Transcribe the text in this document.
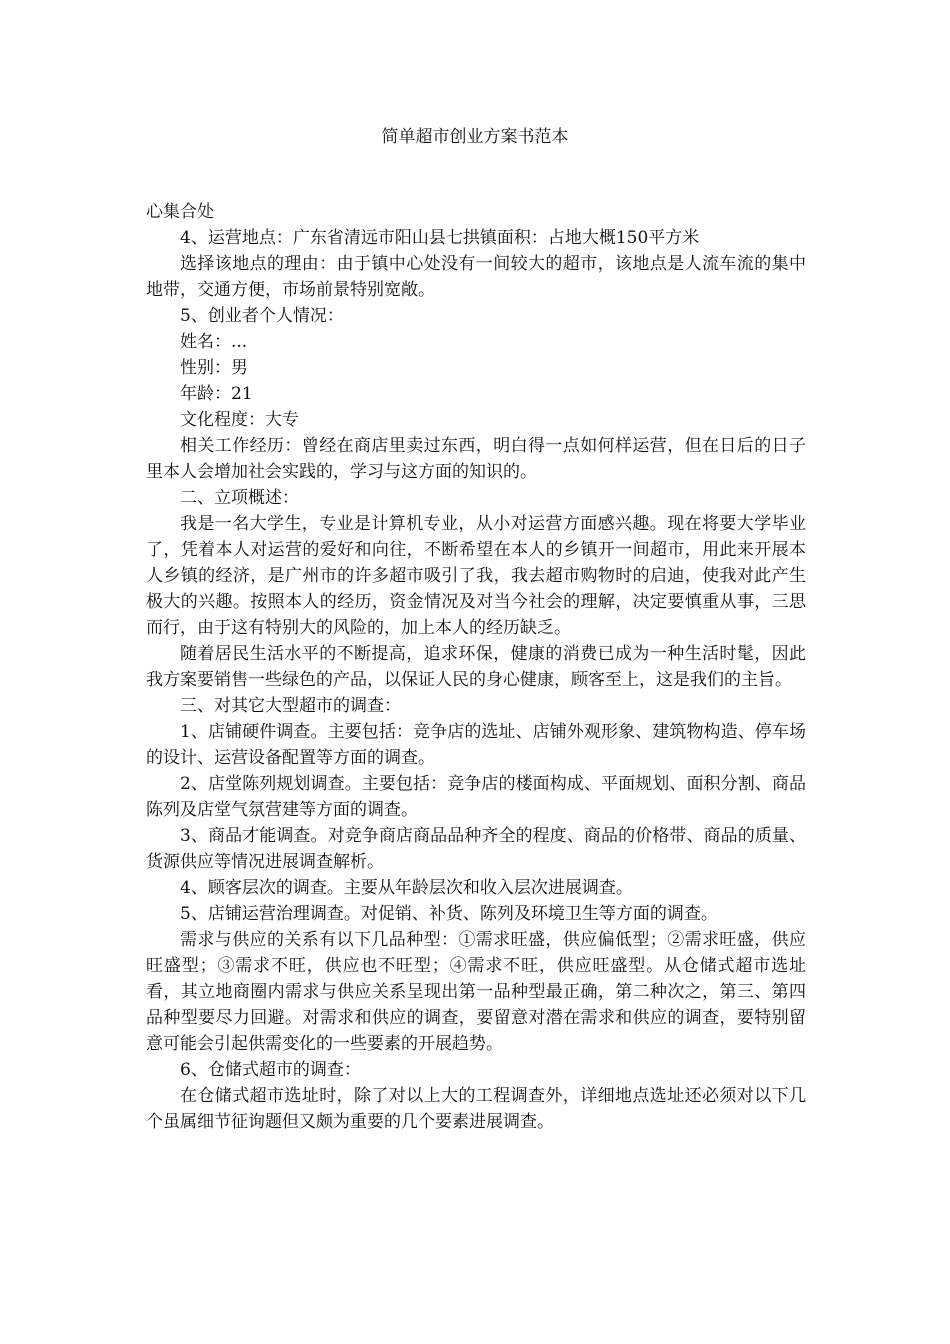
简单超市创业方案书范本

心集合处

4、运营地点：广东省清远市阳山县七拱镇面积：占地大概150平方米

选择该地点的理由：由于镇中心处没有一间较大的超市，该地点是人流车流的集中地带，交通方便，市场前景特别宽敞。

5、创业者个人情况：

姓名：...

性别：男

年龄：21

文化程度：大专

相关工作经历：曾经在商店里卖过东西，明白得一点如何样运营，但在日后的日子里本人会增加社会实践的，学习与这方面的知识的。

二、立项概述：

我是一名大学生，专业是计算机专业，从小对运营方面感兴趣。现在将要大学毕业了，凭着本人对运营的爱好和向往，不断希望在本人的乡镇开一间超市，用此来开展本人乡镇的经济，是广州市的许多超市吸引了我，我去超市购物时的启迪，使我对此产生极大的兴趣。按照本人的经历，资金情况及对当今社会的理解，决定要慎重从事，三思而行，由于这有特别大的风险的，加上本人的经历缺乏。

随着居民生活水平的不断提高，追求环保，健康的消费已成为一种生活时髦，因此我方案要销售一些绿色的产品，以保证人民的身心健康，顾客至上，这是我们的主旨。

三、对其它大型超市的调查：

1、店铺硬件调查。主要包括：竞争店的选址、店铺外观形象、建筑物构造、停车场的设计、运营设备配置等方面的调查。

2、店堂陈列规划调查。主要包括：竞争店的楼面构成、平面规划、面积分割、商品陈列及店堂气氛营建等方面的调查。

3、商品才能调查。对竞争商店商品品种齐全的程度、商品的价格带、商品的质量、货源供应等情况进展调查解析。

4、顾客层次的调查。主要从年龄层次和收入层次进展调查。

5、店铺运营治理调查。对促销、补货、陈列及环境卫生等方面的调查。

需求与供应的关系有以下几品种型：①需求旺盛，供应偏低型；②需求旺盛，供应旺盛型；③需求不旺，供应也不旺型；④需求不旺，供应旺盛型。从仓储式超市选址看，其立地商圈内需求与供应关系呈现出第一品种型最正确，第二种次之，第三、第四品种型要尽力回避。对需求和供应的调查，要留意对潜在需求和供应的调查，要特别留意可能会引起供需变化的一些要素的开展趋势。

6、仓储式超市的调查：

在仓储式超市选址时，除了对以上大的工程调查外，详细地点选址还必须对以下几个虽属细节征询题但又颇为重要的几个要素进展调查。
